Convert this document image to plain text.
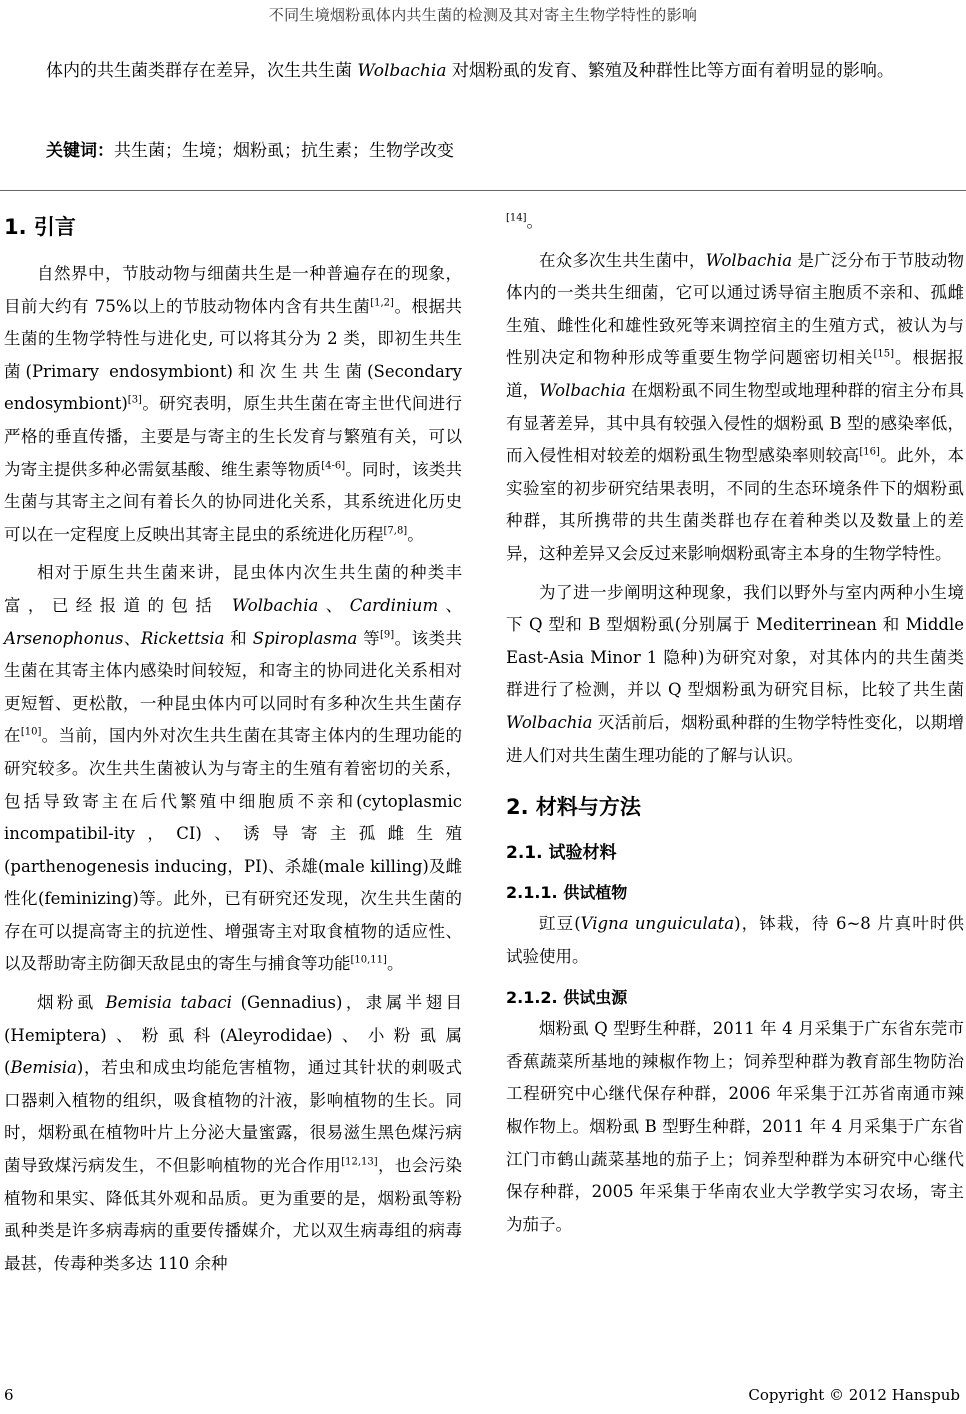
不同生境烟粉虱体内共生菌的检测及其对寄主生物学特性的影响
体内的共生菌类群存在差异，次生共生菌 Wolbachia 对烟粉虱的发育、繁殖及种群性比等方面有着明显的影响。
关键词：共生菌；生境；烟粉虱；抗生素；生物学改变
1. 引言

自然界中，节肢动物与细菌共生是一种普遍存在的现象，目前大约有 75%以上的节肢动物体内含有共生菌[1,2]。根据共生菌的生物学特性与进化史, 可以将其分为 2 类，即初生共生菌(Primary endosymbiont)和次生共生菌(Secondary endosymbiont)[3]。研究表明，原生共生菌在寄主世代间进行严格的垂直传播，主要是与寄主的生长发育与繁殖有关，可以为寄主提供多种必需氨基酸、维生素等物质[4-6]。同时，该类共生菌与其寄主之间有着长久的协同进化关系，其系统进化历史可以在一定程度上反映出其寄主昆虫的系统进化历程[7,8]。

相对于原生共生菌来讲，昆虫体内次生共生菌的种类丰富，已经报道的包括 Wolbachia、Cardinium、Arsenophonus、Rickettsia 和 Spiroplasma 等[9]。该类共生菌在其寄主体内感染时间较短，和寄主的协同进化关系相对更短暂、更松散，一种昆虫体内可以同时有多种次生共生菌存在[10]。当前，国内外对次生共生菌在其寄主体内的生理功能的研究较多。次生共生菌被认为与寄主的生殖有着密切的关系，包括导致寄主在后代繁殖中细胞质不亲和(cytoplasmic incompatibil-ity，CI)、诱导寄主孤雌生殖(parthenogenesis inducing，PI)、杀雄(male killing)及雌性化(feminizing)等。此外，已有研究还发现，次生共生菌的存在可以提高寄主的抗逆性、增强寄主对取食植物的适应性、以及帮助寄主防御天敌昆虫的寄生与捕食等功能[10,11]。

烟粉虱 Bemisia tabaci (Gennadius)，隶属半翅目(Hemiptera)、粉虱科(Aleyrodidae)、小粉虱属(Bemisia)，若虫和成虫均能危害植物，通过其针状的刺吸式口器刺入植物的组织，吸食植物的汁液，影响植物的生长。同时，烟粉虱在植物叶片上分泌大量蜜露，很易滋生黑色煤污病菌导致煤污病发生，不但影响植物的光合作用[12,13]，也会污染植物和果实、降低其外观和品质。更为重要的是，烟粉虱等粉虱种类是许多病毒病的重要传播媒介，尤以双生病毒组的病毒最甚，传毒种类多达 110 余种

[14]。

在众多次生共生菌中，Wolbachia 是广泛分布于节肢动物体内的一类共生细菌，它可以通过诱导宿主胞质不亲和、孤雌生殖、雌性化和雄性致死等来调控宿主的生殖方式，被认为与性别决定和物种形成等重要生物学问题密切相关[15]。根据报道，Wolbachia 在烟粉虱不同生物型或地理种群的宿主分布具有显著差异，其中具有较强入侵性的烟粉虱 B 型的感染率低，而入侵性相对较差的烟粉虱生物型感染率则较高[16]。此外，本实验室的初步研究结果表明，不同的生态环境条件下的烟粉虱种群，其所携带的共生菌类群也存在着种类以及数量上的差异，这种差异又会反过来影响烟粉虱寄主本身的生物学特性。

为了进一步阐明这种现象，我们以野外与室内两种小生境下 Q 型和 B 型烟粉虱(分别属于 Mediterrinean 和 Middle East-Asia Minor 1 隐种)为研究对象，对其体内的共生菌类群进行了检测，并以 Q 型烟粉虱为研究目标，比较了共生菌 Wolbachia 灭活前后，烟粉虱种群的生物学特性变化，以期增进人们对共生菌生理功能的了解与认识。

2. 材料与方法
2.1. 试验材料
2.1.1. 供试植物

豇豆(Vigna unguiculata)，钵栽，待 6~8 片真叶时供试验使用。

2.1.2. 供试虫源

烟粉虱 Q 型野生种群，2011 年 4 月采集于广东省东莞市香蕉蔬菜所基地的辣椒作物上；饲养型种群为教育部生物防治工程研究中心继代保存种群，2006 年采集于江苏省南通市辣椒作物上。烟粉虱 B 型野生种群，2011 年 4 月采集于广东省江门市鹤山蔬菜基地的茄子上；饲养型种群为本研究中心继代保存种群，2005 年采集于华南农业大学教学实习农场，寄主为茄子。

6	Copyright © 2012 Hanspub
